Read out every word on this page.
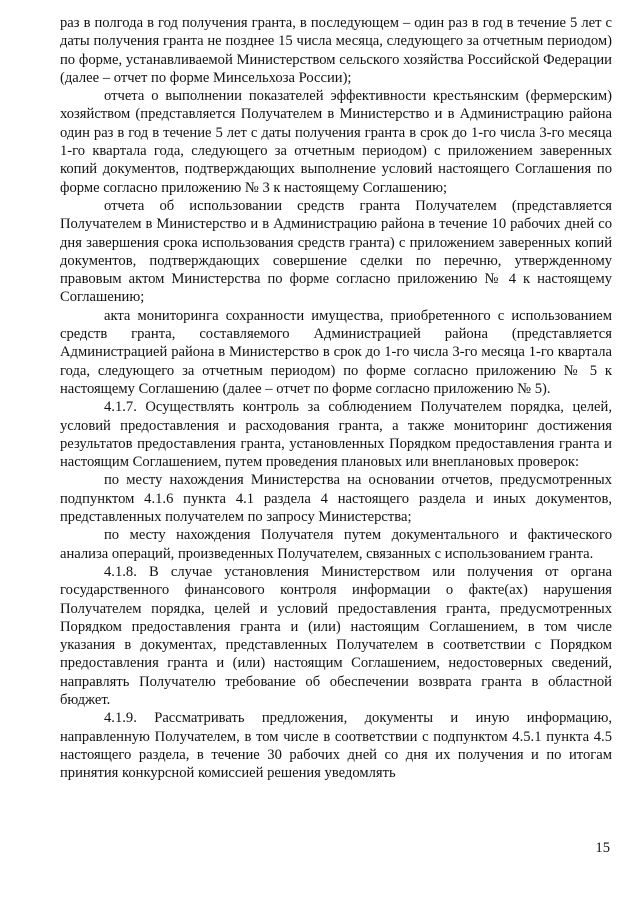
раз в полгода в год получения гранта, в последующем – один раз в год в течение 5 лет с даты получения гранта не позднее 15 числа месяца, следующего за отчетным периодом) по форме, устанавливаемой Министерством сельского хозяйства Российской Федерации (далее – отчет по форме Минсельхоза России);

отчета о выполнении показателей эффективности крестьянским (фермерским) хозяйством (представляется Получателем в Министерство и в Администрацию района один раз в год в течение 5 лет с даты получения гранта в срок до 1-го числа 3-го месяца 1-го квартала года, следующего за отчетным периодом) с приложением заверенных копий документов, подтверждающих выполнение условий настоящего Соглашения по форме согласно приложению № 3 к настоящему Соглашению;

отчета об использовании средств гранта Получателем (представляется Получателем в Министерство и в Администрацию района в течение 10 рабочих дней со дня завершения срока использования средств гранта) с приложением заверенных копий документов, подтверждающих совершение сделки по перечню, утвержденному правовым актом Министерства по форме согласно приложению № 4 к настоящему Соглашению;

акта мониторинга сохранности имущества, приобретенного с использованием средств гранта, составляемого Администрацией района (представляется Администрацией района в Министерство в срок до 1-го числа 3-го месяца 1-го квартала года, следующего за отчетным периодом) по форме согласно приложению № 5 к настоящему Соглашению (далее – отчет по форме согласно приложению № 5).

4.1.7. Осуществлять контроль за соблюдением Получателем порядка, целей, условий предоставления и расходования гранта, а также мониторинг достижения результатов предоставления гранта, установленных Порядком предоставления гранта и настоящим Соглашением, путем проведения плановых или внеплановых проверок:

по месту нахождения Министерства на основании отчетов, предусмотренных подпунктом 4.1.6 пункта 4.1 раздела 4 настоящего раздела и иных документов, представленных получателем по запросу Министерства;

по месту нахождения Получателя путем документального и фактического анализа операций, произведенных Получателем, связанных с использованием гранта.

4.1.8. В случае установления Министерством или получения от органа государственного финансового контроля информации о факте(ах) нарушения Получателем порядка, целей и условий предоставления гранта, предусмотренных Порядком предоставления гранта и (или) настоящим Соглашением, в том числе указания в документах, представленных Получателем в соответствии с Порядком предоставления гранта и (или) настоящим Соглашением, недостоверных сведений, направлять Получателю требование об обеспечении возврата гранта в областной бюджет.

4.1.9. Рассматривать предложения, документы и иную информацию, направленную Получателем, в том числе в соответствии с подпунктом 4.5.1 пункта 4.5 настоящего раздела, в течение 30 рабочих дней со дня их получения и по итогам принятия конкурсной комиссией решения уведомлять

15
